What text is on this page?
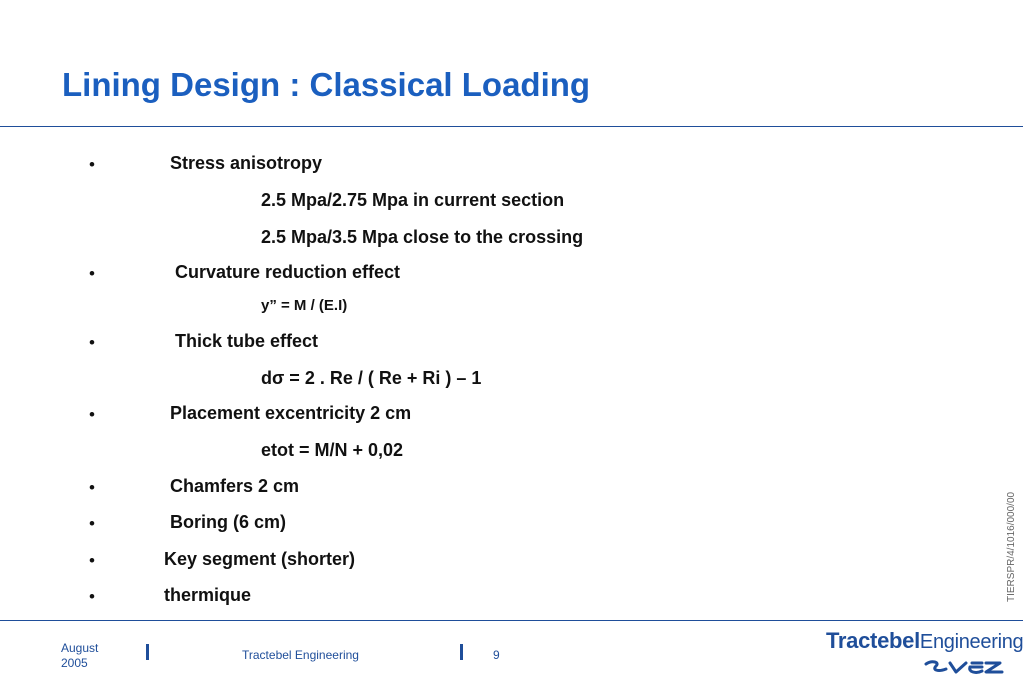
Lining Design : Classical Loading
•	Stress anisotropy
2.5 Mpa/2.75 Mpa in current section
2.5 Mpa/3.5 Mpa close to the crossing
•	Curvature reduction effect
y” = M / (E.I)
•	Thick tube effect
dσ = 2 . Re / ( Re + Ri ) – 1
•	Placement excentricity 2 cm
etot = M/N + 0,02
•	Chamfers 2 cm
•	Boring (6 cm)
•	Key segment (shorter)
•	thermique	TIERSPR/4/1016/000/00
August
2005
Tractebel Engineering	9
TractebelEngineering
